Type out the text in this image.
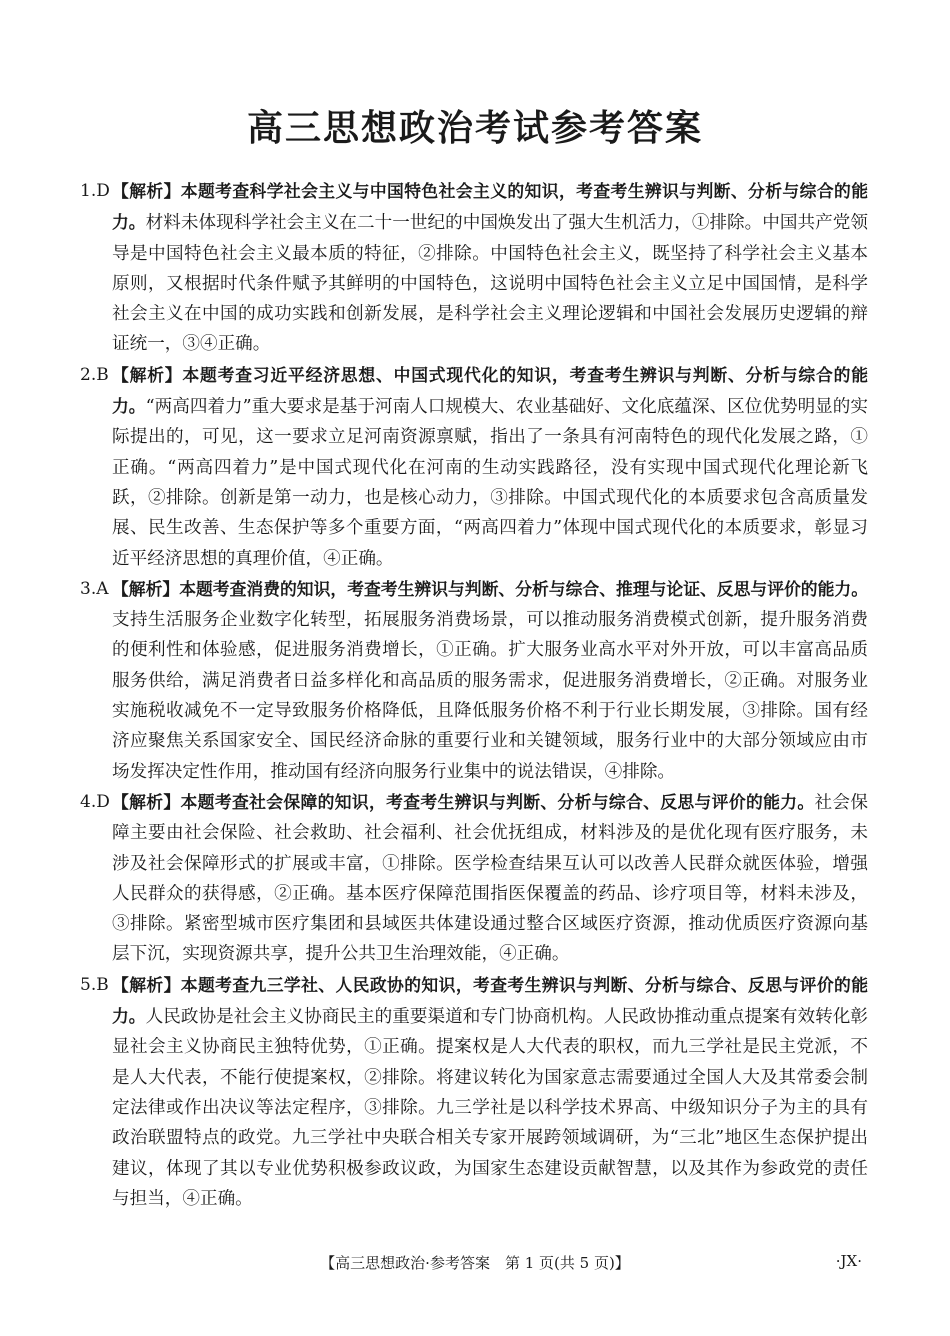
高三思想政治考试参考答案
1.D 【解析】本题考查科学社会主义与中国特色社会主义的知识，考查考生辨识与判断、分析与综合的能力。材料未体现科学社会主义在二十一世纪的中国焕发出了强大生机活力，①排除。中国共产党领导是中国特色社会主义最本质的特征，②排除。中国特色社会主义，既坚持了科学社会主义基本原则，又根据时代条件赋予其鲜明的中国特色，这说明中国特色社会主义立足中国国情，是科学社会主义在中国的成功实践和创新发展，是科学社会主义理论逻辑和中国社会发展历史逻辑的辩证统一，③④正确。
2.B 【解析】本题考查习近平经济思想、中国式现代化的知识，考查考生辨识与判断、分析与综合的能力。“两高四着力”重大要求是基于河南人口规模大、农业基础好、文化底蕴深、区位优势明显的实际提出的，可见，这一要求立足河南资源禀赋，指出了一条具有河南特色的现代化发展之路，①正确。“两高四着力”是中国式现代化在河南的生动实践路径，没有实现中国式现代化理论新飞跃，②排除。创新是第一动力，也是核心动力，③排除。中国式现代化的本质要求包含高质量发展、民生改善、生态保护等多个重要方面，“两高四着力”体现中国式现代化的本质要求，彰显习近平经济思想的真理价值，④正确。
3.A 【解析】本题考查消费的知识，考查考生辨识与判断、分析与综合、推理与论证、反思与评价的能力。支持生活服务企业数字化转型，拓展服务消费场景，可以推动服务消费模式创新，提升服务消费的便利性和体验感，促进服务消费增长，①正确。扩大服务业高水平对外开放，可以丰富高品质服务供给，满足消费者日益多样化和高品质的服务需求，促进服务消费增长，②正确。对服务业实施税收减免不一定导致服务价格降低，且降低服务价格不利于行业长期发展，③排除。国有经济应聚焦关系国家安全、国民经济命脉的重要行业和关键领域，服务行业中的大部分领域应由市场发挥决定性作用，推动国有经济向服务行业集中的说法错误，④排除。
4.D 【解析】本题考查社会保障的知识，考查考生辨识与判断、分析与综合、反思与评价的能力。社会保障主要由社会保险、社会救助、社会福利、社会优抚组成，材料涉及的是优化现有医疗服务，未涉及社会保障形式的扩展或丰富，①排除。医学检查结果互认可以改善人民群众就医体验，增强人民群众的获得感，②正确。基本医疗保障范围指医保覆盖的药品、诊疗项目等，材料未涉及，③排除。紧密型城市医疗集团和县域医共体建设通过整合区域医疗资源，推动优质医疗资源向基层下沉，实现资源共享，提升公共卫生治理效能，④正确。
5.B 【解析】本题考查九三学社、人民政协的知识，考查考生辨识与判断、分析与综合、反思与评价的能力。人民政协是社会主义协商民主的重要渠道和专门协商机构。人民政协推动重点提案有效转化彰显社会主义协商民主独特优势，①正确。提案权是人大代表的职权，而九三学社是民主党派，不是人大代表，不能行使提案权，②排除。将建议转化为国家意志需要通过全国人大及其常委会制定法律或作出决议等法定程序，③排除。九三学社是以科学技术界高、中级知识分子为主的具有政治联盟特点的政党。九三学社中央联合相关专家开展跨领域调研，为“三北”地区生态保护提出建议，体现了其以专业优势积极参政议政，为国家生态建设贡献智慧，以及其作为参政党的责任与担当，④正确。
【高三思想政治·参考答案　第 1 页(共 5 页)】	·JX·
